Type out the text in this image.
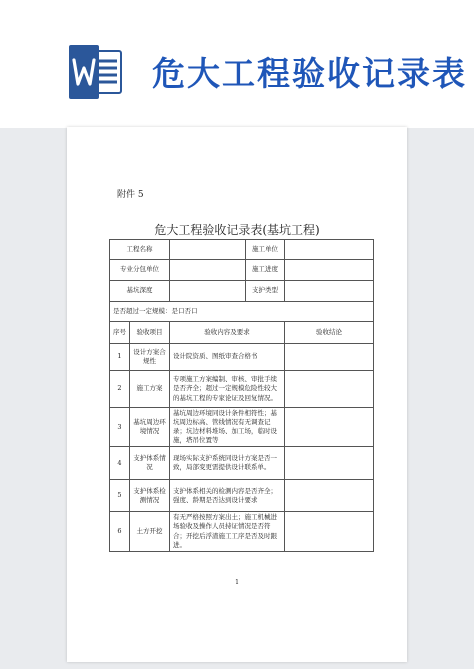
危大工程验收记录表
附件 5
危大工程验收记录表(基坑工程)
工程名称			施工单位	
专业分包单位			施工进度	
基坑深度			支护类型	
是否超过一定规模：是口否口				
序号	验收项目	验收内容及要求		验收结论
1	设计方案合规性	设计院资质、图纸审查合格书		
2	施工方案	专项施工方案编制、审核、审批手续是否齐全；超过一定规模危险性较大的基坑工程的专家论证及回复情况。		
3	基坑周边环境情况	基坑周边环境同设计条件相符性；基坑周边标高、管线情况有无调查记录；坑边材料堆场、加工场，临时设施，塔吊位置等		
4	支护体系情况	现场实际支护系统同设计方案是否一致，局部变更需提供设计联系单。		
5	支护体系检测情况	支护体系相关的检测内容是否齐全；强度、龄期是否达到设计要求		
6	土方开挖	有无严格按照方案出土；施工机械进场验收及操作人员持证情况是否符合；开挖后浮渣施工工序是否及时跟进。		
1
